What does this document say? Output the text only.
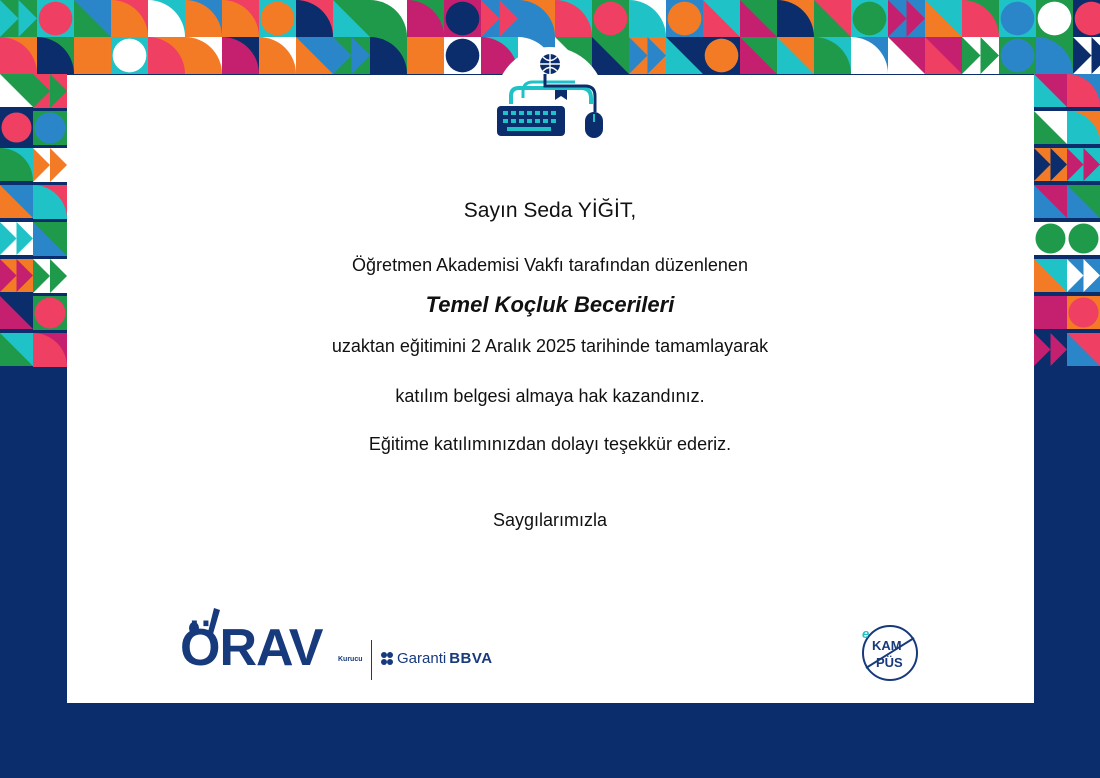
Sayın Seda YİĞİT,
Öğretmen Akademisi Vakfı tarafından düzenlenen
Temel Koçluk Becerileri
uzaktan eğitimini 2 Aralık 2025 tarihinde tamamlayarak
katılım belgesi almaya hak kazandınız.
Eğitime katılımınızdan dolayı teşekkür ederiz.
Saygılarımızla
ÖRAV Kurucu Garanti BBVA
e
KAM
PÜS
